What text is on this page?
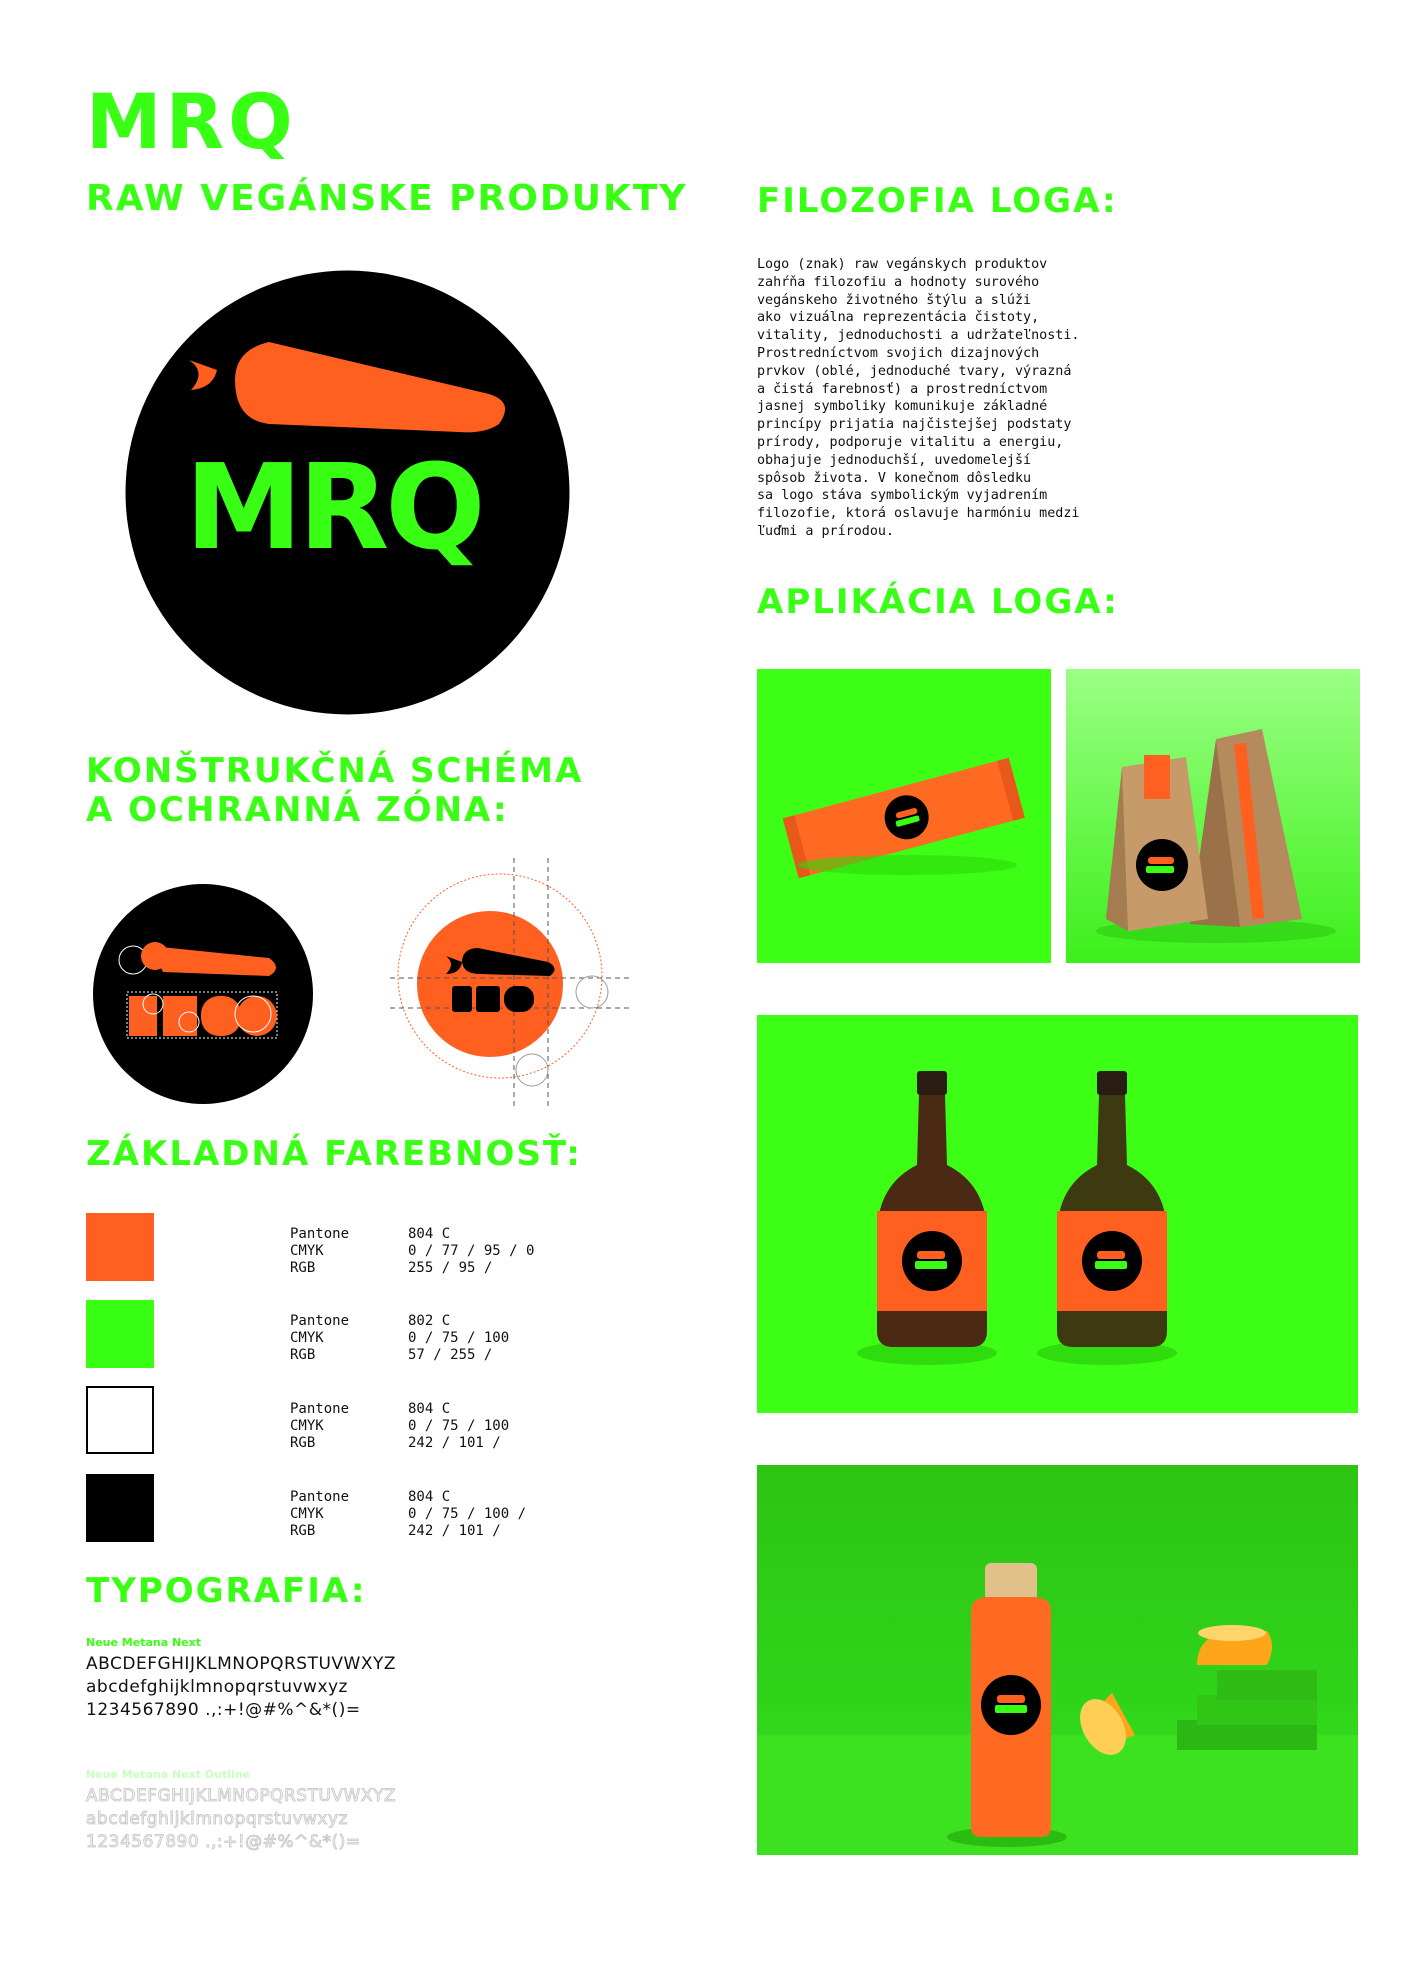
MRQ
RAW VEGÁNSKE PRODUKTY
MRQ
FILOZOFIA LOGA:

Logo (znak) raw vegánskych produktov
zahŕňa filozofiu a hodnoty surového
vegánskeho životného štýlu a slúži
ako vizuálna reprezentácia čistoty,
vitality, jednoduchosti a udržateľnosti.
Prostredníctvom svojich dizajnových
prvkov (oblé, jednoduché tvary, výrazná
a čistá farebnosť) a prostredníctvom
jasnej symboliky komunikuje základné
princípy prijatia najčistejšej podstaty
prírody, podporuje vitalitu a energiu,
obhajuje jednoduchší, uvedomelejší
spôsob života. V konečnom dôsledku
sa logo stáva symbolickým vyjadrením
filozofie, ktorá oslavuje harmóniu medzi
ľuďmi a prírodou.

APLIKÁCIA LOGA:
KONŠTRUKČNÁ SCHÉMA
A OCHRANNÁ ZÓNA:
ZÁKLADNÁ FAREBNOSŤ:
Pantone	804 C
CMYK	0 / 77 / 95 / 0
RGB	255 / 95 /
Pantone	802 C
CMYK	0 / 75 / 100
RGB	57 / 255 /
Pantone	804 C
CMYK	0 / 75 / 100
RGB	242 / 101 /
Pantone	804 C
CMYK	0 / 75 / 100 /
RGB	242 / 101 /
TYPOGRAFIA:
Neue Metana Next
ABCDEFGHIJKLMNOPQRSTUVWXYZ
abcdefghijklmnopqrstuvwxyz
1234567890 .,:+!@#%^&*()=
Neue Metana Next Outline
ABCDEFGHIJKLMNOPQRSTUVWXYZ
abcdefghijklmnopqrstuvwxyz
1234567890 .,:+!@#%^&*()=
